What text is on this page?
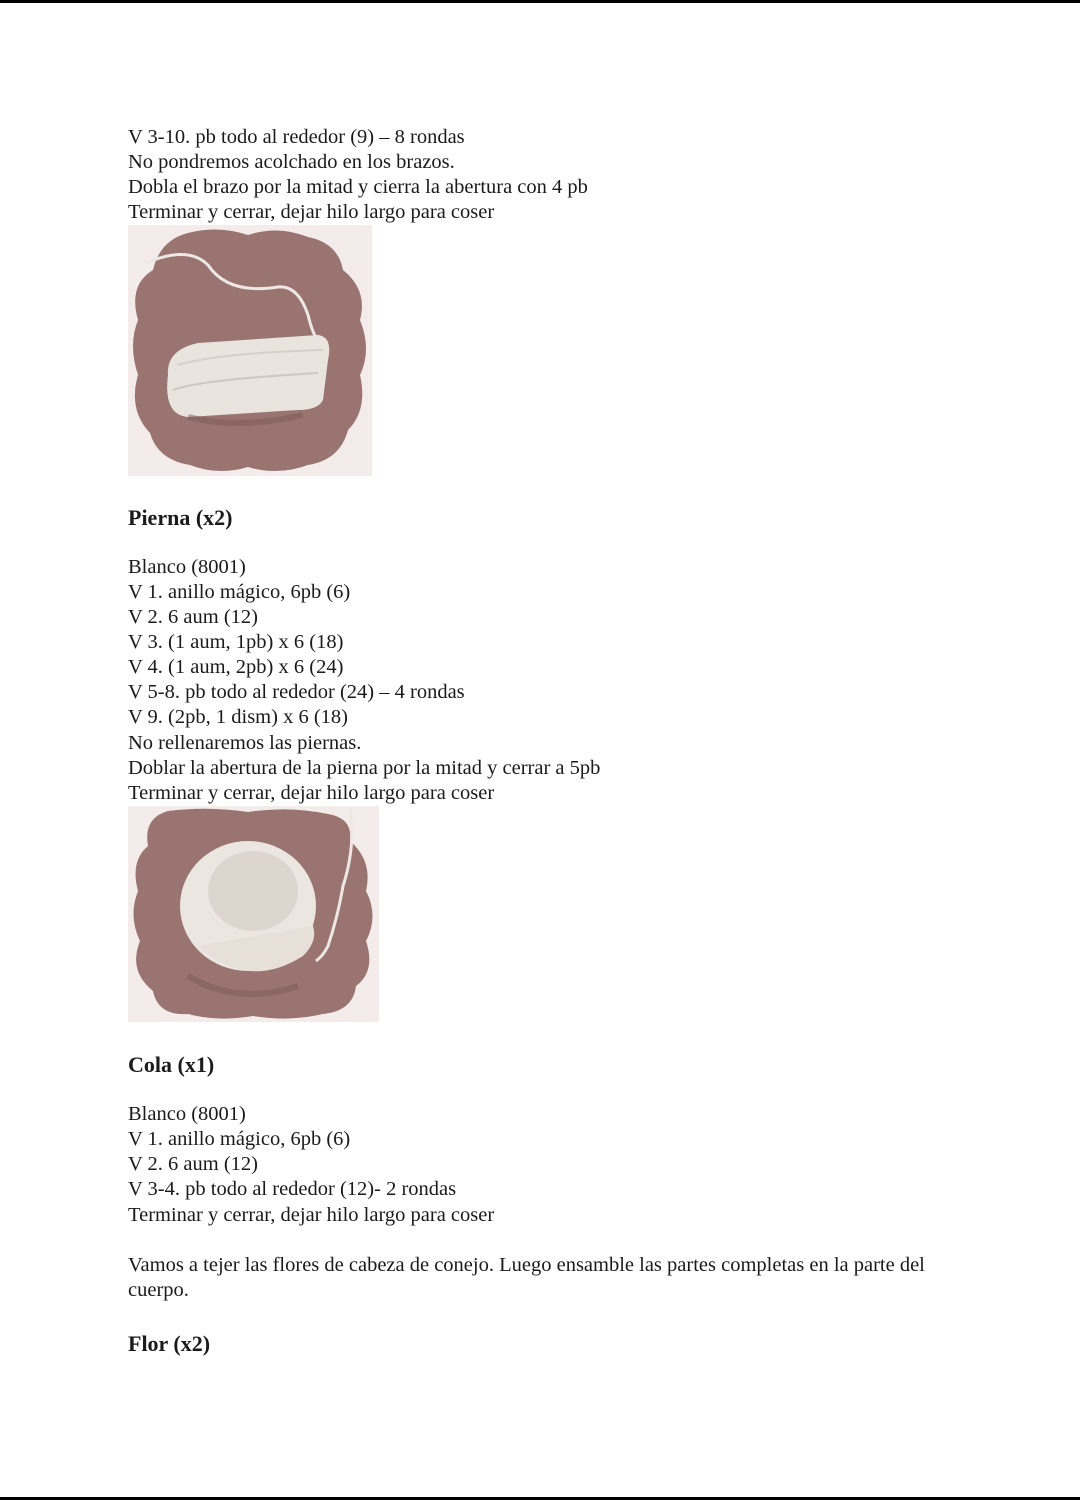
V 3-10. pb todo al rededor (9) – 8 rondas
No pondremos acolchado en los brazos.
Dobla el brazo por la mitad y cierra la abertura con 4 pb
Terminar y cerrar, dejar hilo largo para coser
Pierna (x2)
Blanco (8001)
V 1. anillo mágico, 6pb (6)
V 2. 6 aum (12)
V 3. (1 aum, 1pb) x 6 (18)
V 4. (1 aum, 2pb) x 6 (24)
V 5-8. pb todo al rededor (24) – 4 rondas
V 9. (2pb, 1 dism) x 6 (18)
No rellenaremos las piernas.
Doblar la abertura de la pierna por la mitad y cerrar a 5pb
Terminar y cerrar, dejar hilo largo para coser
Cola (x1)
Blanco (8001)
V 1. anillo mágico, 6pb (6)
V 2. 6 aum (12)
V 3-4. pb todo al rededor (12)- 2 rondas
Terminar y cerrar, dejar hilo largo para coser
Vamos a tejer las flores de cabeza de conejo. Luego ensamble las partes completas en la parte del cuerpo.
Flor (x2)
